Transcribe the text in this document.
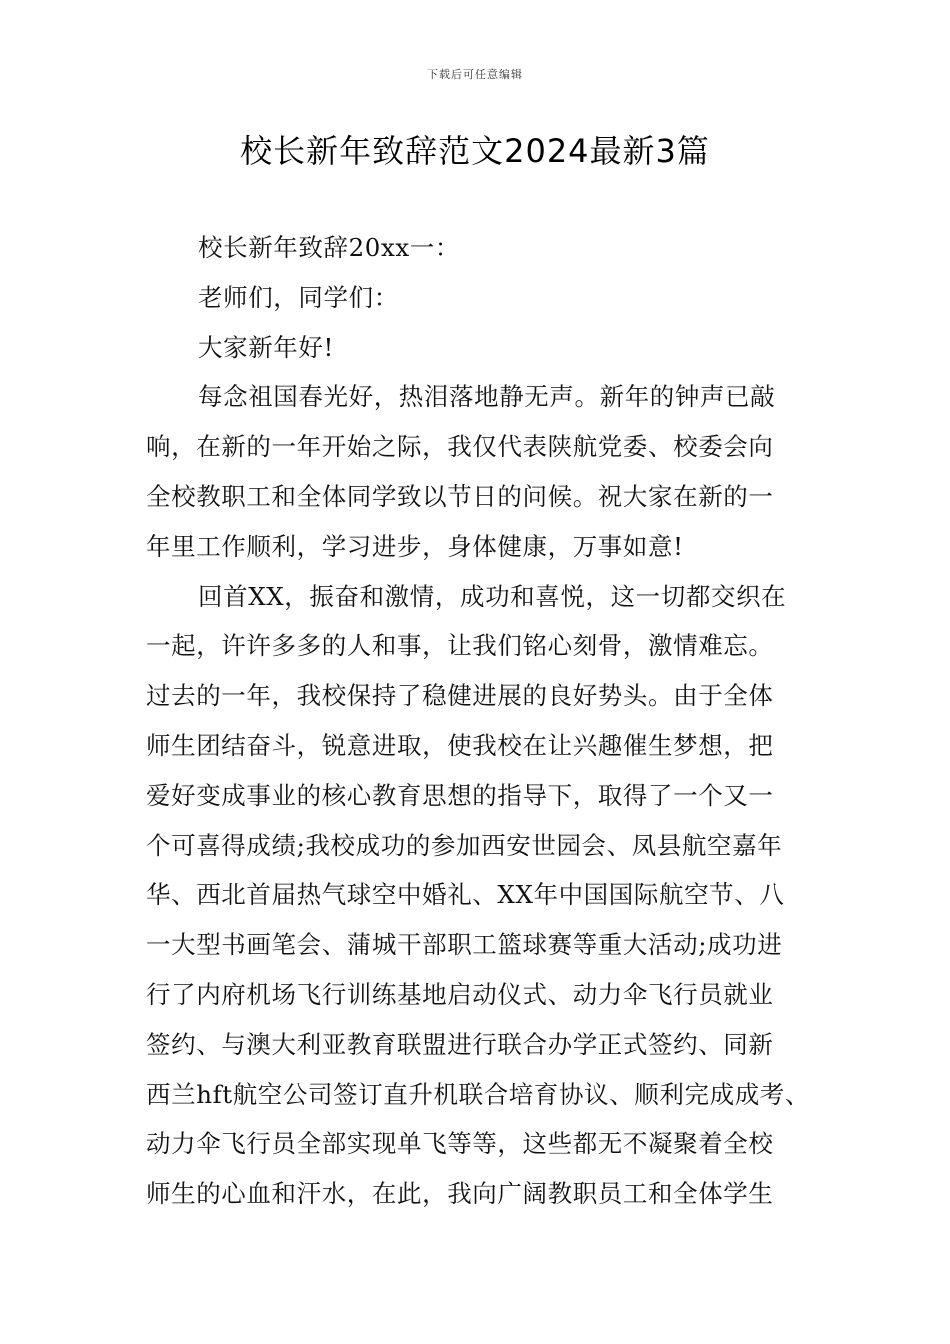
下载后可任意编辑
校长新年致辞范文2024最新3篇
校长新年致辞20xx一：
老师们，同学们：
大家新年好!
每念祖国春光好，热泪落地静无声。新年的钟声已敲
响，在新的一年开始之际，我仅代表陕航党委、校委会向
全校教职工和全体同学致以节日的问候。祝大家在新的一
年里工作顺利，学习进步，身体健康，万事如意!
回首XX，振奋和激情，成功和喜悦，这一切都交织在
一起，许许多多的人和事，让我们铭心刻骨，激情难忘。
过去的一年，我校保持了稳健进展的良好势头。由于全体
师生团结奋斗，锐意进取，使我校在让兴趣催生梦想，把
爱好变成事业的核心教育思想的指导下，取得了一个又一
个可喜得成绩;我校成功的参加西安世园会、凤县航空嘉年
华、西北首届热气球空中婚礼、XX年中国国际航空节、八
一大型书画笔会、蒲城干部职工篮球赛等重大活动;成功进
行了内府机场飞行训练基地启动仪式、动力伞飞行员就业
签约、与澳大利亚教育联盟进行联合办学正式签约、同新
西兰hft航空公司签订直升机联合培育协议、顺利完成成考、
动力伞飞行员全部实现单飞等等，这些都无不凝聚着全校
师生的心血和汗水，在此，我向广阔教职员工和全体学生
